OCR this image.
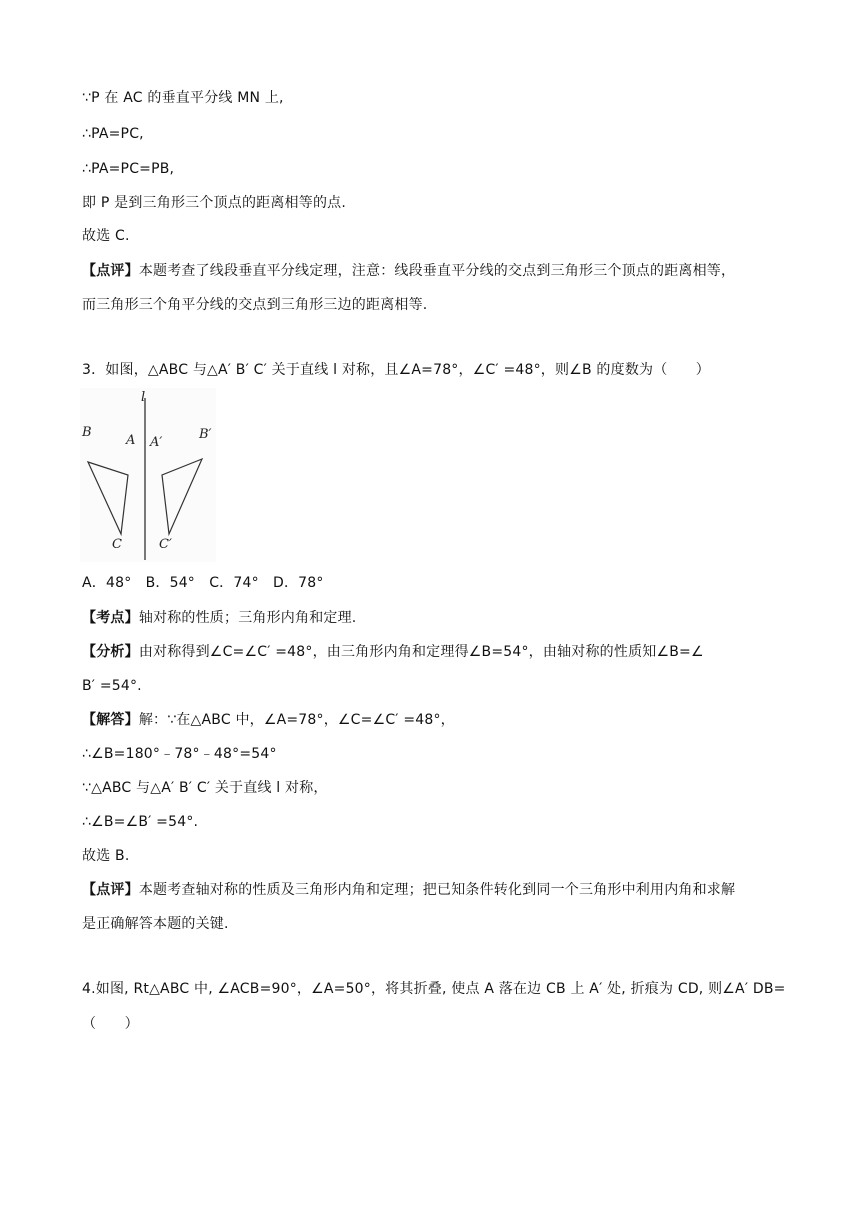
∵P 在 AC 的垂直平分线 MN 上,
∴PA=PC,
∴PA=PC=PB,
即 P 是到三角形三个顶点的距离相等的点.
故选 C.
【点评】本题考查了线段垂直平分线定理，注意：线段垂直平分线的交点到三角形三个顶点的距离相等，
而三角形三个角平分线的交点到三角形三边的距离相等.
3．如图，△ABC 与△A′ B′ C′ 关于直线 l 对称，且∠A=78°，∠C′ =48°，则∠B 的度数为（　　）
l
B
A
C
A′
B′
C′
A．48°　B．54°　C．74°　D．78°
【考点】轴对称的性质；三角形内角和定理.
【分析】由对称得到∠C=∠C′ =48°，由三角形内角和定理得∠B=54°，由轴对称的性质知∠B=∠
B′ =54°.
【解答】解：∵在△ABC 中，∠A=78°，∠C=∠C′ =48°，
∴∠B=180°﹣78°﹣48°=54°
∵△ABC 与△A′ B′ C′ 关于直线 l 对称，
∴∠B=∠B′ =54°.
故选 B.
【点评】本题考查轴对称的性质及三角形内角和定理；把已知条件转化到同一个三角形中利用内角和求解
是正确解答本题的关键.
4.如图, Rt△ABC 中, ∠ACB=90°，∠A=50°，将其折叠, 使点 A 落在边 CB 上 A′ 处, 折痕为 CD, 则∠A′ DB=
（　　）
